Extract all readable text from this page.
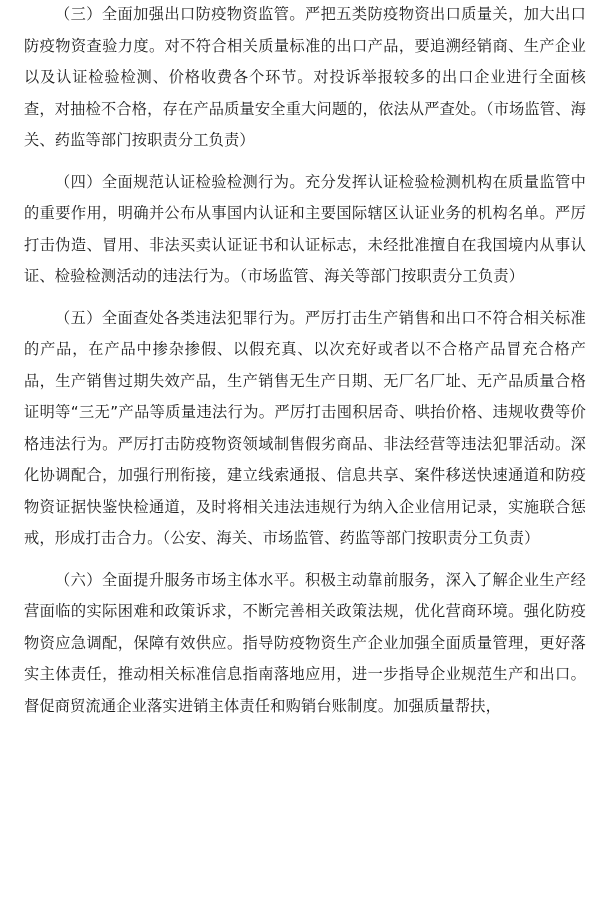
（三）全面加强出口防疫物资监管。严把五类防疫物资出口质量关，加大出口防疫物资查验力度。对不符合相关质量标准的出口产品，要追溯经销商、生产企业以及认证检验检测、价格收费各个环节。对投诉举报较多的出口企业进行全面核查，对抽检不合格，存在产品质量安全重大问题的，依法从严查处。（市场监管、海关、药监等部门按职责分工负责）

（四）全面规范认证检验检测行为。充分发挥认证检验检测机构在质量监管中的重要作用，明确并公布从事国内认证和主要国际辖区认证业务的机构名单。严厉打击伪造、冒用、非法买卖认证证书和认证标志，未经批准擅自在我国境内从事认证、检验检测活动的违法行为。（市场监管、海关等部门按职责分工负责）

（五）全面查处各类违法犯罪行为。严厉打击生产销售和出口不符合相关标准的产品，在产品中掺杂掺假、以假充真、以次充好或者以不合格产品冒充合格产品，生产销售过期失效产品，生产销售无生产日期、无厂名厂址、无产品质量合格证明等“三无”产品等质量违法行为。严厉打击囤积居奇、哄抬价格、违规收费等价格违法行为。严厉打击防疫物资领域制售假劣商品、非法经营等违法犯罪活动。深化协调配合，加强行刑衔接，建立线索通报、信息共享、案件移送快速通道和防疫物资证据快鉴快检通道，及时将相关违法违规行为纳入企业信用记录，实施联合惩戒，形成打击合力。（公安、海关、市场监管、药监等部门按职责分工负责）

（六）全面提升服务市场主体水平。积极主动靠前服务，深入了解企业生产经营面临的实际困难和政策诉求，不断完善相关政策法规，优化营商环境。强化防疫物资应急调配，保障有效供应。指导防疫物资生产企业加强全面质量管理，更好落实主体责任，推动相关标准信息指南落地应用，进一步指导企业规范生产和出口。督促商贸流通企业落实进销主体责任和购销台账制度。加强质量帮扶，
